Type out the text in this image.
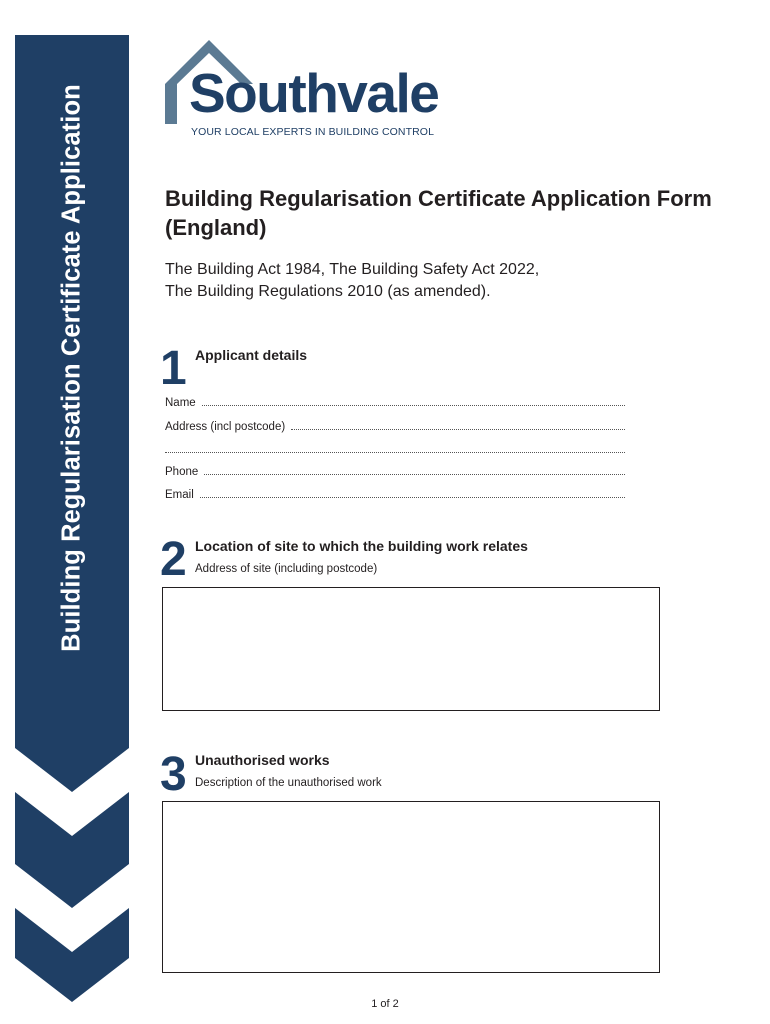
Building Regularisation Certificate Application Southvale
YOUR LOCAL EXPERTS IN BUILDING CONTROL
Building Regularisation Certificate Application Form (England)
The Building Act 1984, The Building Safety Act 2022,
The Building Regulations 2010 (as amended).
1 Applicant details
Name
Address (incl postcode)
Phone
Email
2 Location of site to which the building work relates
Address of site (including postcode)
3 Unauthorised works
Description of the unauthorised work
1 of 2
